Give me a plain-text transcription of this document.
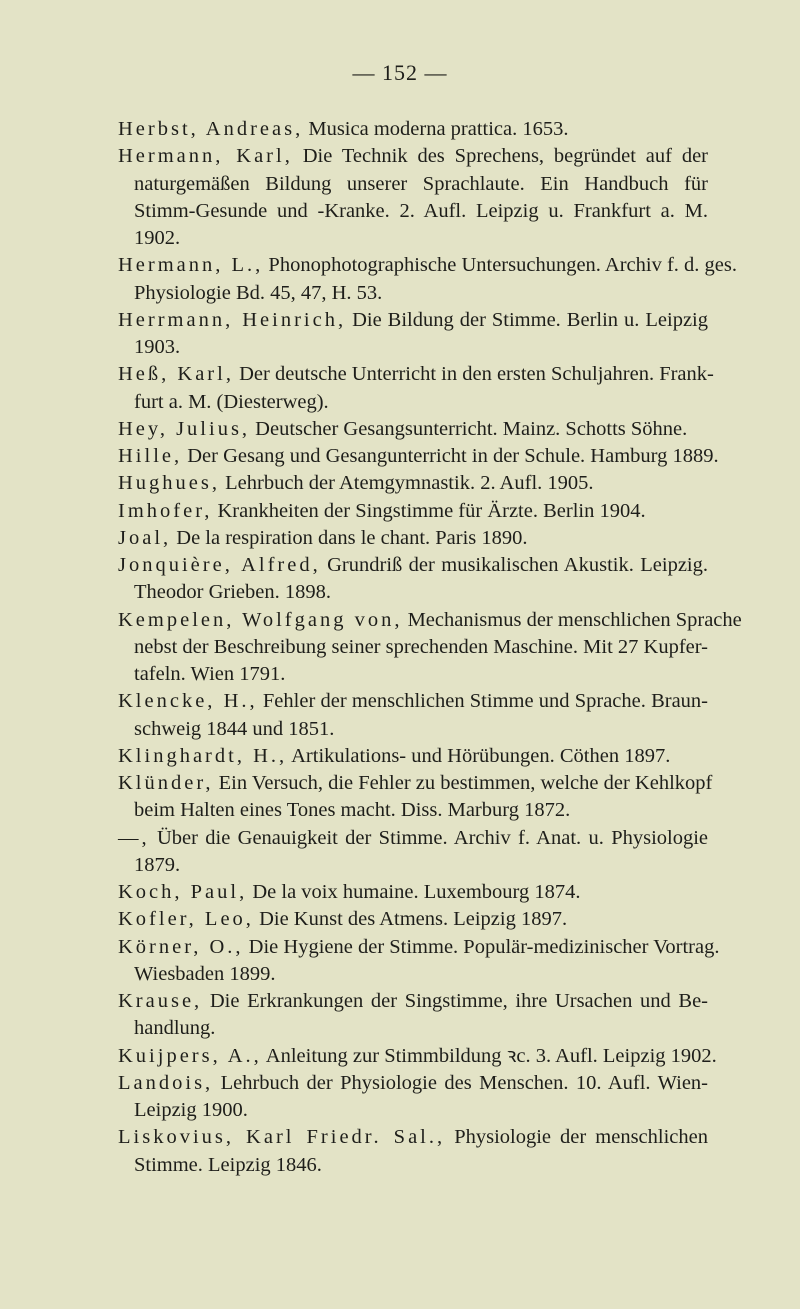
— 152 —
Herbst, Andreas, Musica moderna prattica. 1653.
Hermann, Karl, Die Technik des Sprechens, begründet auf der
naturgemäßen Bildung unserer Sprachlaute. Ein Handbuch für
Stimm-Gesunde und -Kranke. 2. Aufl. Leipzig u. Frankfurt a. M.
1902.
Hermann, L., Phonophotographische Untersuchungen. Archiv f. d. ges.
Physiologie Bd. 45, 47, H. 53.
Herrmann, Heinrich, Die Bildung der Stimme. Berlin u. Leipzig
1903.
Heß, Karl, Der deutsche Unterricht in den ersten Schuljahren. Frank-
furt a. M. (Diesterweg).
Hey, Julius, Deutscher Gesangsunterricht. Mainz. Schotts Söhne.
Hille, Der Gesang und Gesangunterricht in der Schule. Hamburg 1889.
Hughues, Lehrbuch der Atemgymnastik. 2. Aufl. 1905.
Imhofer, Krankheiten der Singstimme für Ärzte. Berlin 1904.
Joal, De la respiration dans le chant. Paris 1890.
Jonquière, Alfred, Grundriß der musikalischen Akustik. Leipzig.
Theodor Grieben. 1898.
Kempelen, Wolfgang von, Mechanismus der menschlichen Sprache
nebst der Beschreibung seiner sprechenden Maschine. Mit 27 Kupfer-
tafeln. Wien 1791.
Klencke, H., Fehler der menschlichen Stimme und Sprache. Braun-
schweig 1844 und 1851.
Klinghardt, H., Artikulations- und Hörübungen. Cöthen 1897.
Klünder, Ein Versuch, die Fehler zu bestimmen, welche der Kehlkopf
beim Halten eines Tones macht. Diss. Marburg 1872.
—, Über die Genauigkeit der Stimme. Archiv f. Anat. u. Physiologie
1879.
Koch, Paul, De la voix humaine. Luxembourg 1874.
Kofler, Leo, Die Kunst des Atmens. Leipzig 1897.
Körner, O., Die Hygiene der Stimme. Populär-medizinischer Vortrag.
Wiesbaden 1899.
Krause, Die Erkrankungen der Singstimme, ihre Ursachen und Be-
handlung.
Kuijpers, A., Anleitung zur Stimmbildung ꝛc. 3. Aufl. Leipzig 1902.
Landois, Lehrbuch der Physiologie des Menschen. 10. Aufl. Wien-
Leipzig 1900.
Liskovius, Karl Friedr. Sal., Physiologie der menschlichen
Stimme. Leipzig 1846.
